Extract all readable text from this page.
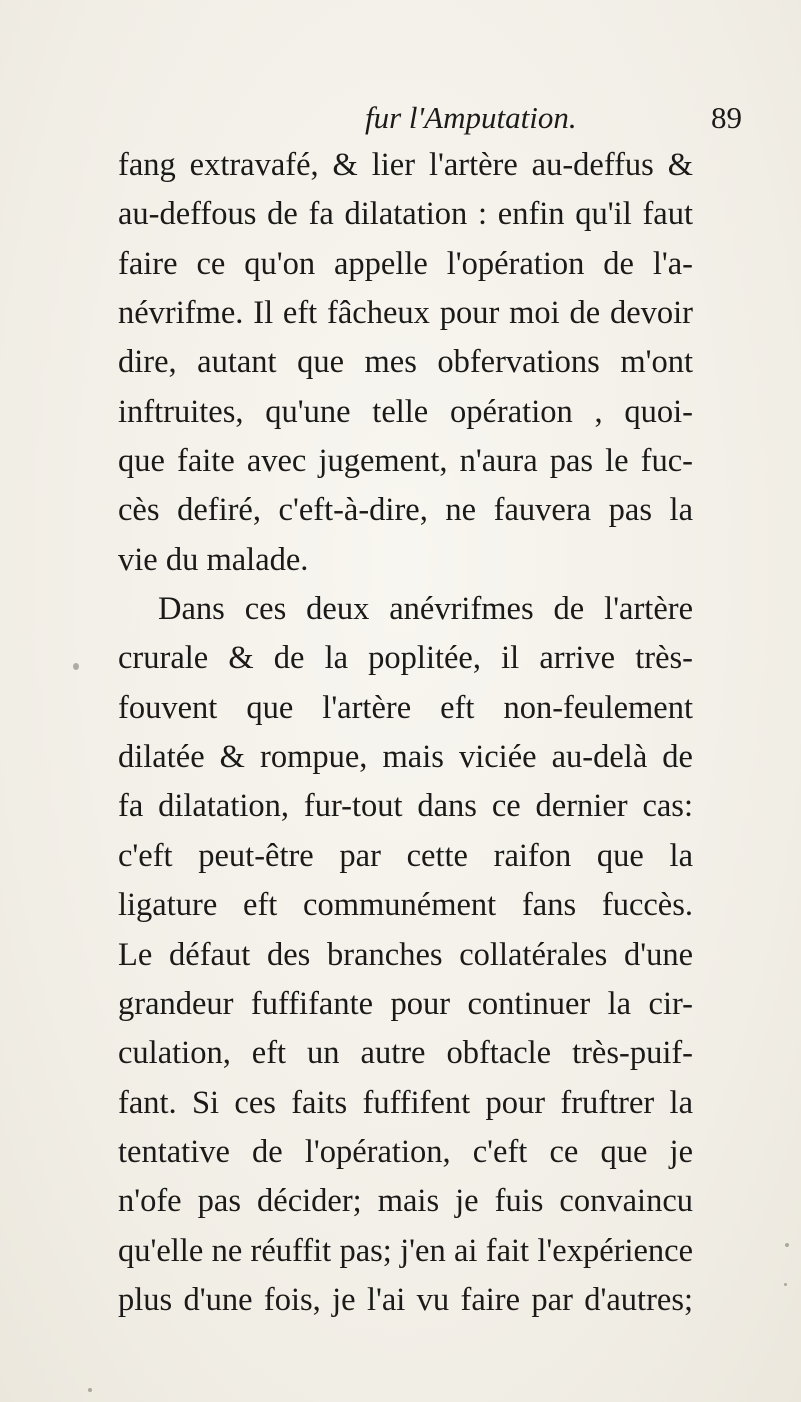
fur l'Amputation.	89
fang extravafé, & lier l'artère au-deffus &
au-deffous de fa dilatation : enfin qu'il faut
faire ce qu'on appelle l'opération de l'a-
névrifme. Il eft fâcheux pour moi de devoir
dire, autant que mes obfervations m'ont
inftruites, qu'une telle opération , quoi-
que faite avec jugement, n'aura pas le fuc-
cès defiré, c'eft-à-dire, ne fauvera pas la
vie du malade.
Dans ces deux anévrifmes de l'artère
crurale & de la poplitée, il arrive très-
fouvent que l'artère eft non-feulement
dilatée & rompue, mais viciée au-delà de
fa dilatation, fur-tout dans ce dernier cas:
c'eft peut-être par cette raifon que la
ligature eft communément fans fuccès.
Le défaut des branches collatérales d'une
grandeur fuffifante pour continuer la cir-
culation, eft un autre obftacle très-puif-
fant. Si ces faits fuffifent pour fruftrer la
tentative de l'opération, c'eft ce que je
n'ofe pas décider; mais je fuis convaincu
qu'elle ne réuffit pas; j'en ai fait l'expérience
plus d'une fois, je l'ai vu faire par d'autres;
